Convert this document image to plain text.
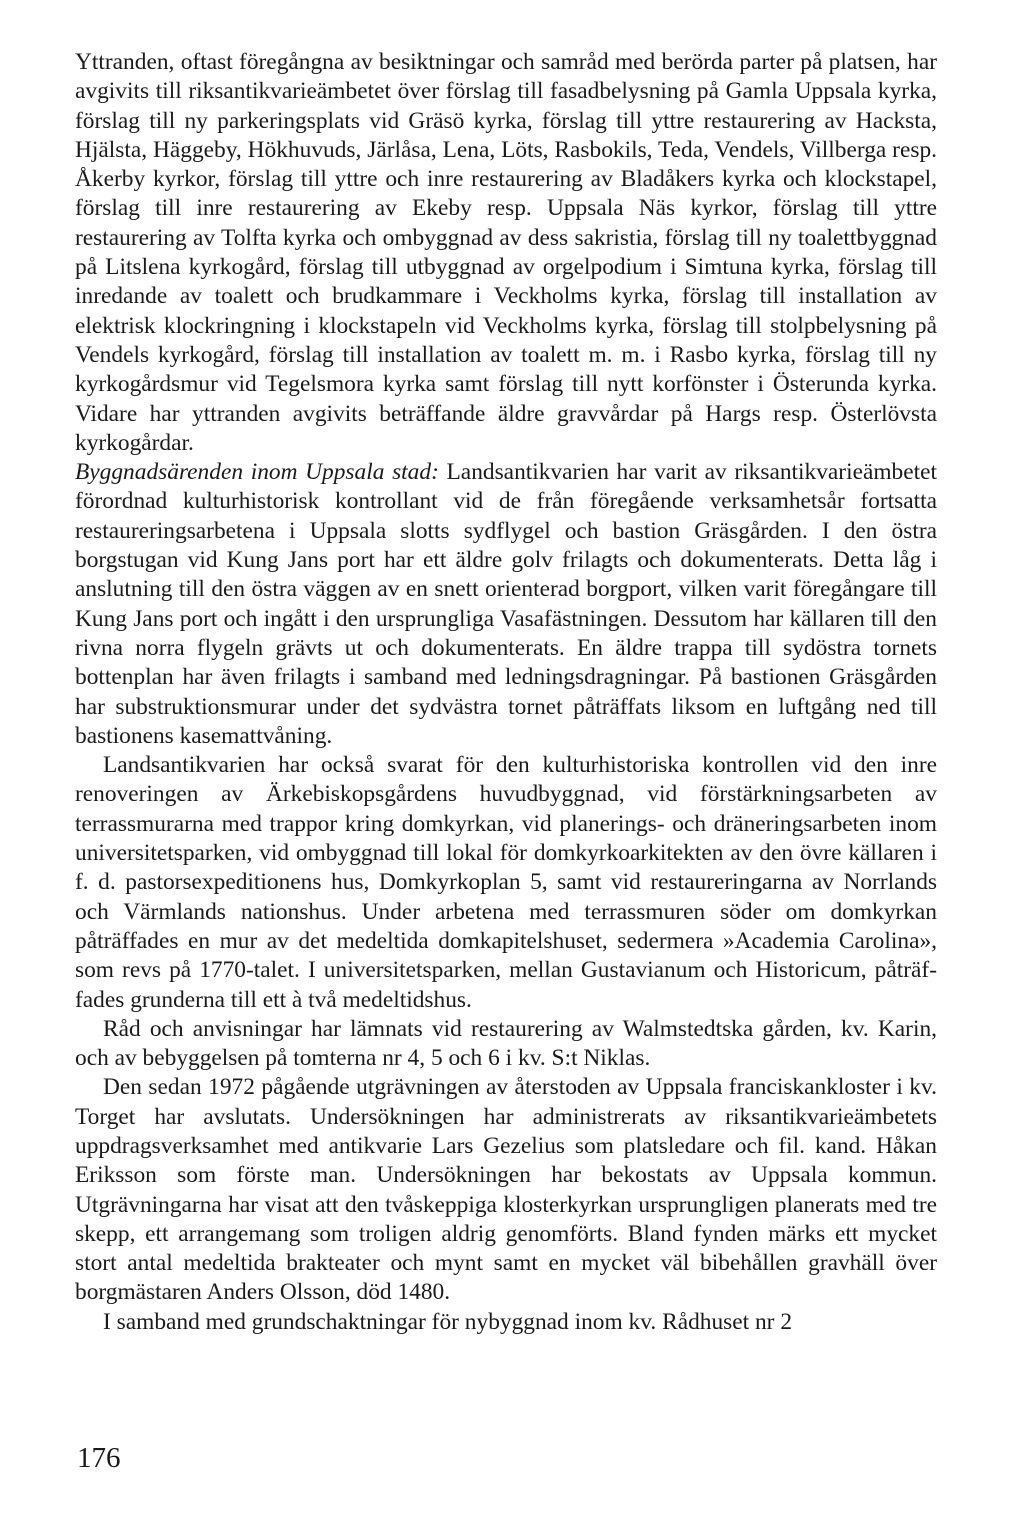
Yttranden, oftast föregångna av besiktningar och samråd med berörda parter på platsen, har avgivits till riksantikvarieämbetet över förslag till fasadbelysning på Gamla Uppsala kyrka, förslag till ny parkeringsplats vid Gräsö kyrka, förslag till yttre restaurering av Hacksta, Hjälsta, Häggeby, Hökhuvuds, Järlåsa, Lena, Löts, Rasbokils, Teda, Vendels, Villberga resp. Åkerby kyrkor, förslag till yttre och inre restaurering av Bladåkers kyrka och klockstapel, förslag till inre restaurering av Ekeby resp. Uppsala Näs kyrkor, förslag till yttre restaurering av Tolfta kyrka och ombyggnad av dess sakristia, förslag till ny toalettbyggnad på Litslena kyrkogård, förslag till utbyggnad av orgelpodium i Simtuna kyrka, förslag till inredande av toalett och brudkammare i Veckholms kyrka, förslag till installation av elektrisk klockringning i klockstapeln vid Veckholms kyrka, förslag till stolpbelysning på Vendels kyrkogård, förslag till installation av toalett m. m. i Rasbo kyrka, förslag till ny kyrkogårdsmur vid Tegelsmora kyrka samt förslag till nytt korfönster i Österunda kyrka. Vidare har yttranden avgivits beträffande äldre gravvårdar på Hargs resp. Österlövsta kyrkogårdar.

Byggnadsärenden inom Uppsala stad: Landsantikvarien har varit av riksantikvarieämbetet förordnad kulturhistorisk kontrollant vid de från föregående verksamhetsår fortsatta restaureringsarbetena i Uppsala slotts sydflygel och bastion Gräsgården. I den östra borgstugan vid Kung Jans port har ett äldre golv frilagts och dokumenterats. Detta låg i anslutning till den östra väggen av en snett orienterad borgport, vilken varit föregångare till Kung Jans port och ingått i den ursprungliga Vasafästningen. Dessutom har källaren till den rivna norra flygeln grävts ut och dokumenterats. En äldre trappa till sydöstra tornets bottenplan har även frilagts i samband med ledningsdragningar. På bastionen Gräsgården har substruktionsmurar under det sydvästra tornet påträffats liksom en luftgång ned till bastionens kasemattvåning.

Landsantikvarien har också svarat för den kulturhistoriska kontrollen vid den inre renoveringen av Ärkebiskopsgårdens huvudbyggnad, vid förstärkningsarbeten av terrassmurarna med trappor kring domkyrkan, vid planerings- och dräneringsarbeten inom universitetsparken, vid ombyggnad till lokal för domkyrkoarkitekten av den övre källaren i f. d. pastorsexpeditionens hus, Domkyrkoplan 5, samt vid restaureringarna av Norrlands och Värmlands nationshus. Under arbetena med terrassmuren söder om domkyrkan påträffades en mur av det medeltida domkapitelshuset, sedermera »Academia Carolina», som revs på 1770-talet. I universitetsparken, mellan Gustavianum och Historicum, påträffades grunderna till ett à två medeltidshus.

Råd och anvisningar har lämnats vid restaurering av Walmstedtska gården, kv. Karin, och av bebyggelsen på tomterna nr 4, 5 och 6 i kv. S:t Niklas.

Den sedan 1972 pågående utgrävningen av återstoden av Uppsala franciskankloster i kv. Torget har avslutats. Undersökningen har administrerats av riksantikvarieämbetets uppdragsverksamhet med antikvarie Lars Gezelius som platsledare och fil. kand. Håkan Eriksson som förste man. Undersökningen har bekostats av Uppsala kommun. Utgrävningarna har visat att den tvåskeppiga klosterkyrkan ursprungligen planerats med tre skepp, ett arrangemang som troligen aldrig genomförts. Bland fynden märks ett mycket stort antal medeltida brakteater och mynt samt en mycket väl bibehållen gravhäll över borgmästaren Anders Olsson, död 1480.

I samband med grundschaktningar för nybyggnad inom kv. Rådhuset nr 2

176
